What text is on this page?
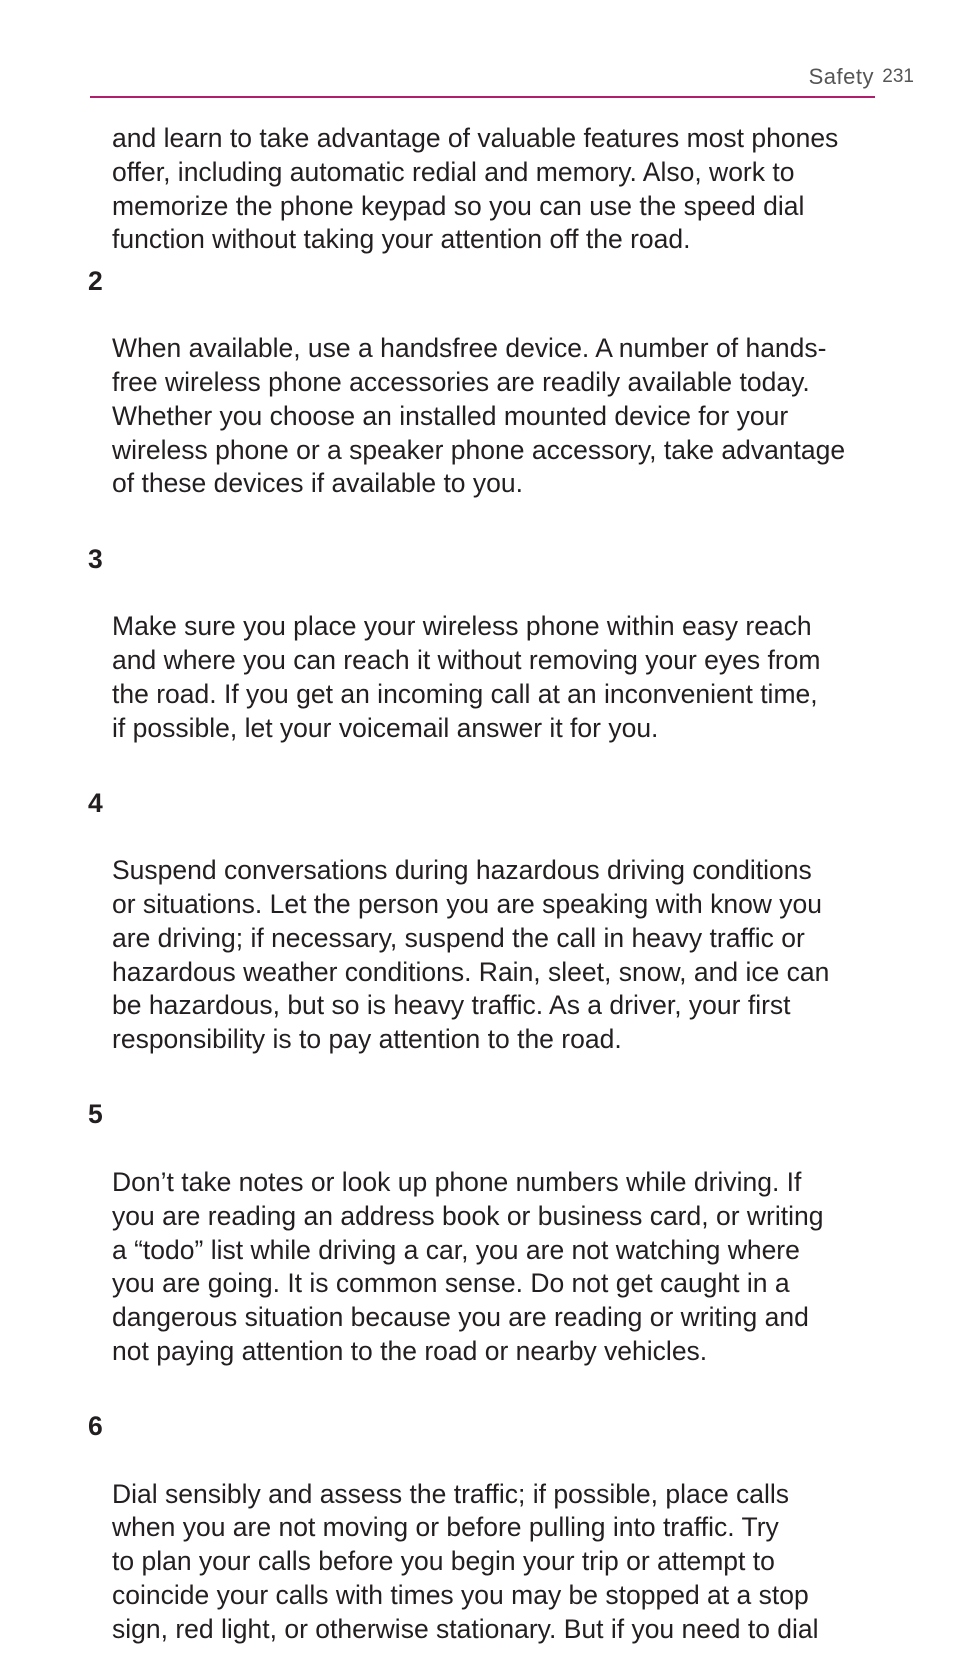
Safety 231

and learn to take advantage of valuable features most phones
offer, including automatic redial and memory. Also, work to
memorize the phone keypad so you can use the speed dial
function without taking your attention off the road.

2

When available, use a handsfree device. A number of hands-
free wireless phone accessories are readily available today.
Whether you choose an installed mounted device for your
wireless phone or a speaker phone accessory, take advantage
of these devices if available to you.

3

Make sure you place your wireless phone within easy reach
and where you can reach it without removing your eyes from
the road. If you get an incoming call at an inconvenient time,
if possible, let your voicemail answer it for you.

4

Suspend conversations during hazardous driving conditions
or situations. Let the person you are speaking with know you
are driving; if necessary, suspend the call in heavy traffic or
hazardous weather conditions. Rain, sleet, snow, and ice can
be hazardous, but so is heavy traffic. As a driver, your first
responsibility is to pay attention to the road.

5

Don’t take notes or look up phone numbers while driving. If
you are reading an address book or business card, or writing
a “todo” list while driving a car, you are not watching where
you are going. It is common sense. Do not get caught in a
dangerous situation because you are reading or writing and
not paying attention to the road or nearby vehicles.

6

Dial sensibly and assess the traffic; if possible, place calls
when you are not moving or before pulling into traffic. Try
to plan your calls before you begin your trip or attempt to
coincide your calls with times you may be stopped at a stop
sign, red light, or otherwise stationary. But if you need to dial
